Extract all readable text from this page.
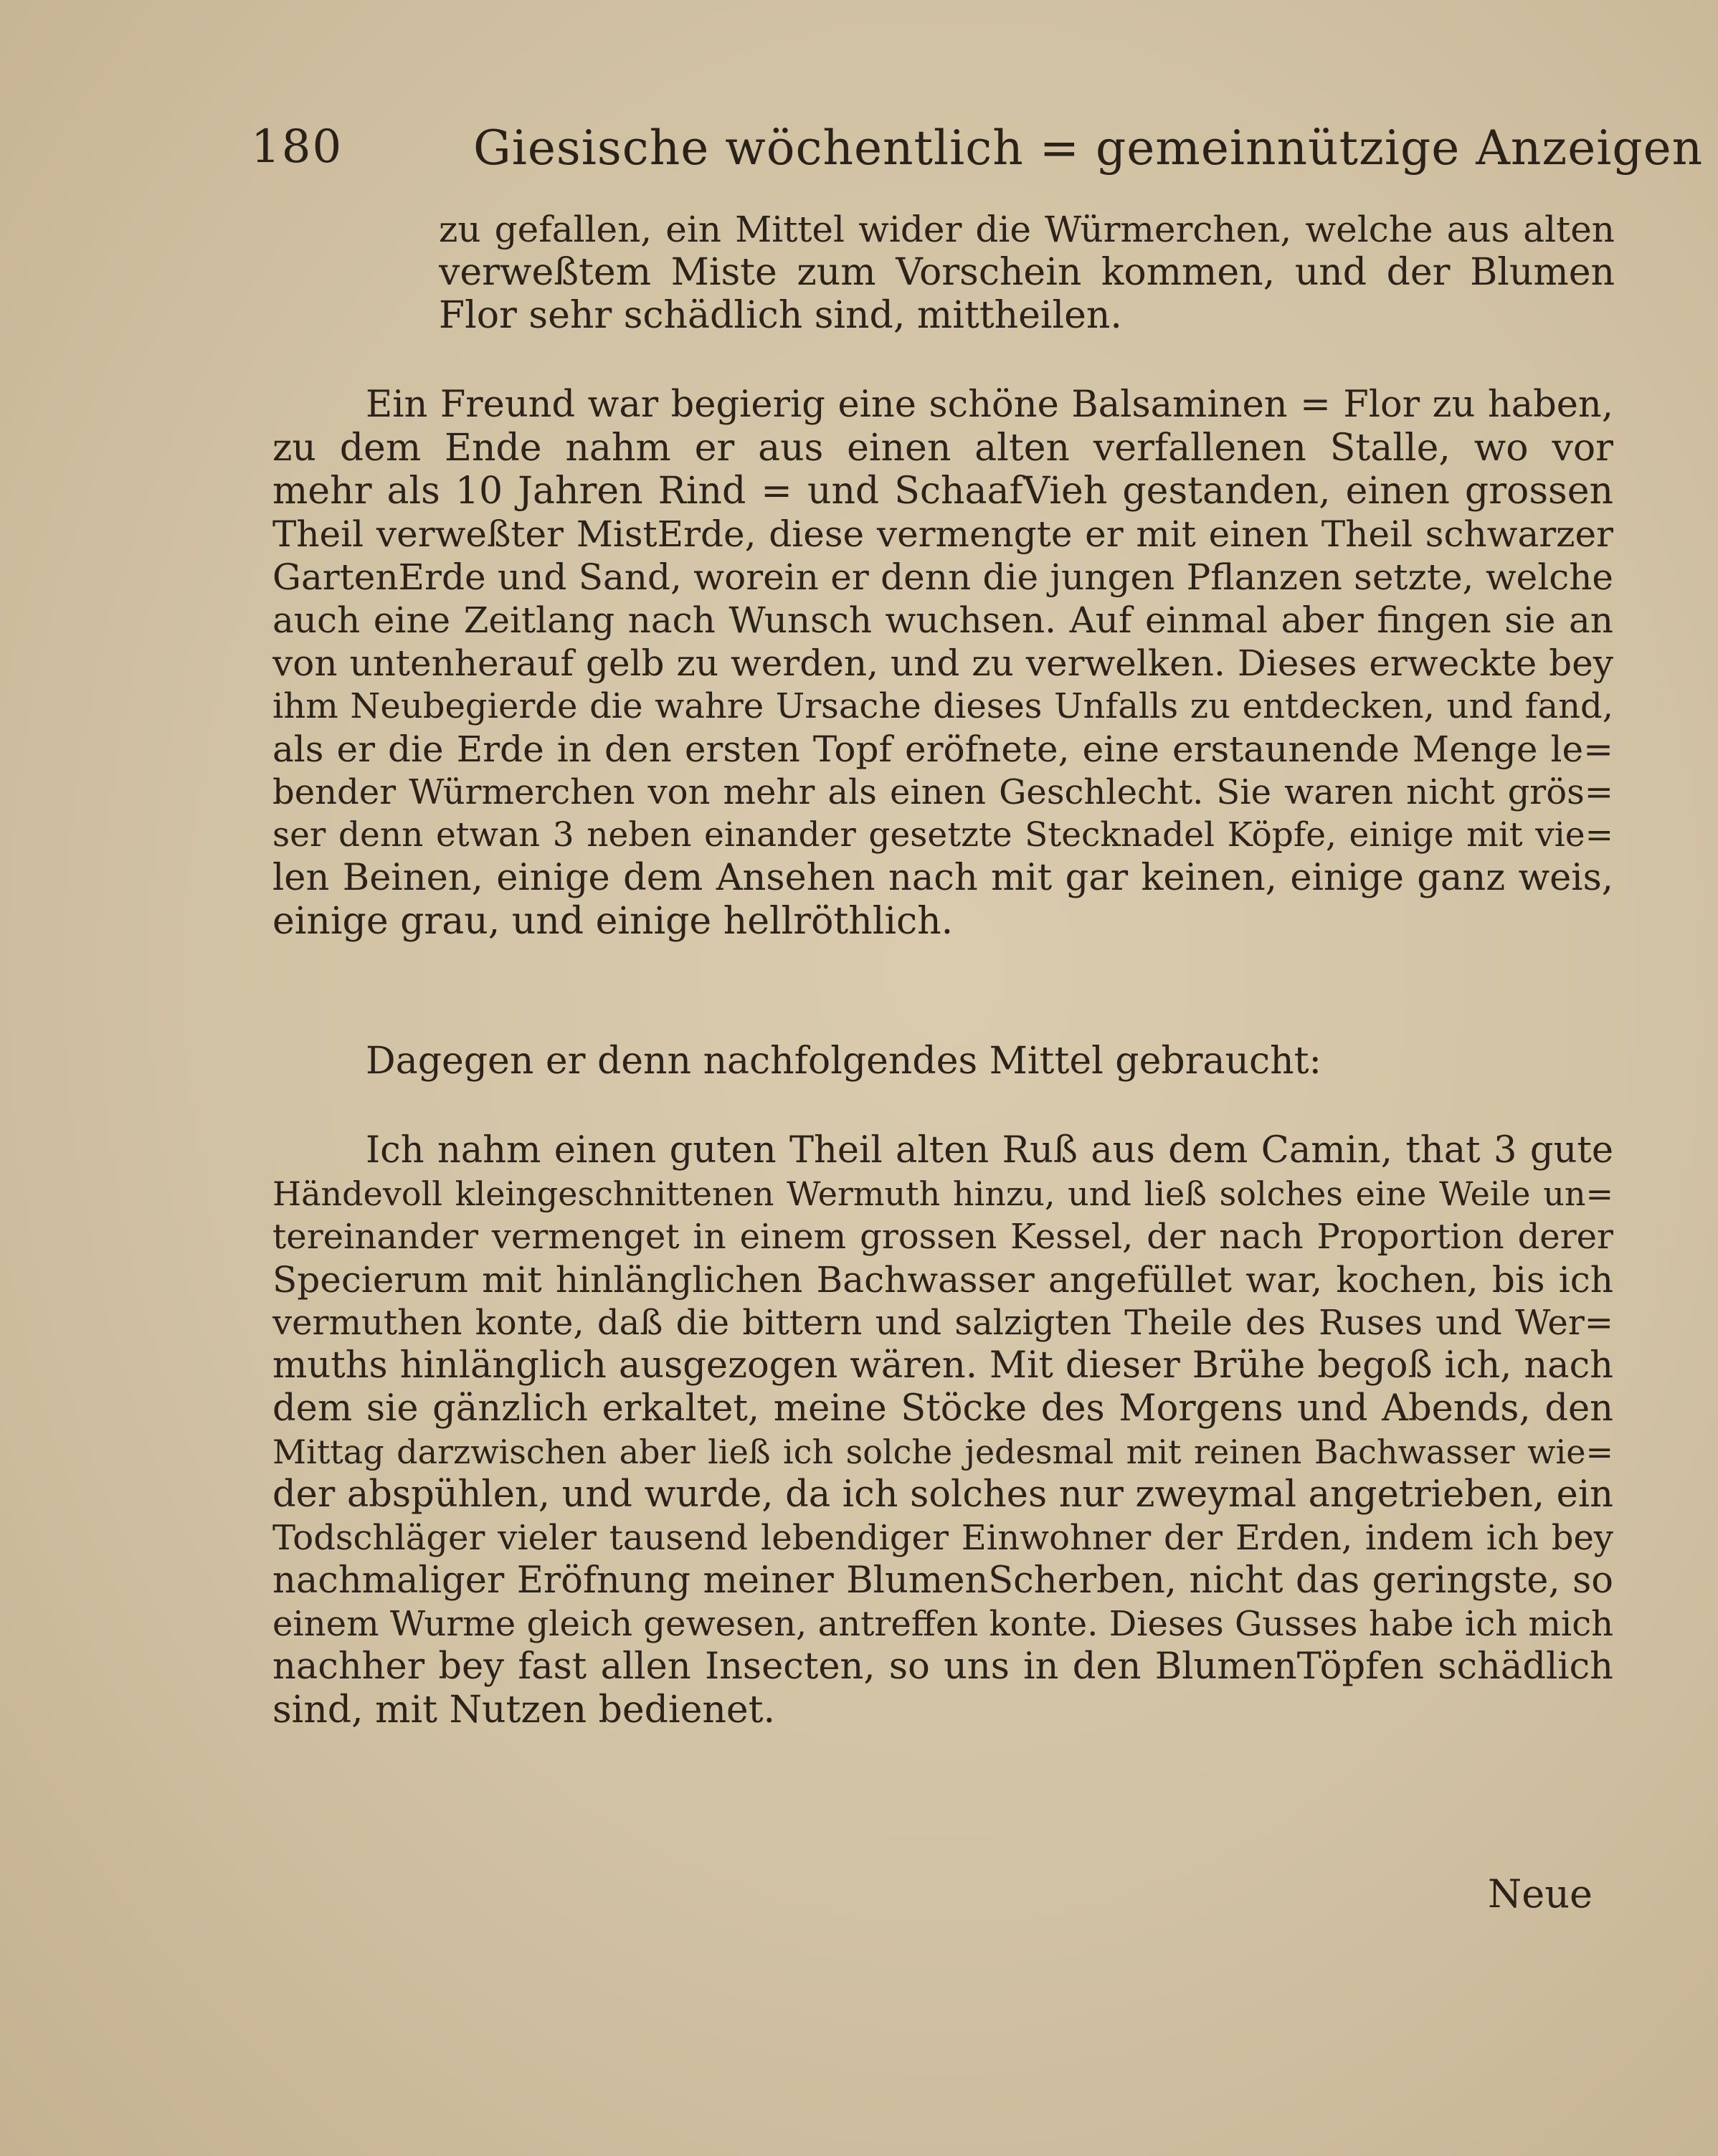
180	Giesische wöchentlich = gemeinnützige Anzeigen
zu gefallen, ein Mittel wider die Würmerchen, welche aus alten
verweßtem Miste zum Vorschein kommen, und der Blumen
Flor sehr schädlich sind, mittheilen.
Ein Freund war begierig eine schöne Balsaminen = Flor zu haben,
zu dem Ende nahm er aus einen alten verfallenen Stalle, wo vor
mehr als 10 Jahren Rind = und SchaafVieh gestanden, einen grossen
Theil verweßter MistErde, diese vermengte er mit einen Theil schwarzer
GartenErde und Sand, worein er denn die jungen Pflanzen setzte, welche
auch eine Zeitlang nach Wunsch wuchsen. Auf einmal aber fingen sie an
von untenherauf gelb zu werden, und zu verwelken. Dieses erweckte bey
ihm Neubegierde die wahre Ursache dieses Unfalls zu entdecken, und fand,
als er die Erde in den ersten Topf eröfnete, eine erstaunende Menge le=
bender Würmerchen von mehr als einen Geschlecht. Sie waren nicht grös=
ser denn etwan 3 neben einander gesetzte Stecknadel Köpfe, einige mit vie=
len Beinen, einige dem Ansehen nach mit gar keinen, einige ganz weis,
einige grau, und einige hellröthlich.
Dagegen er denn nachfolgendes Mittel gebraucht:
Ich nahm einen guten Theil alten Ruß aus dem Camin, that 3 gute
Händevoll kleingeschnittenen Wermuth hinzu, und ließ solches eine Weile un=
tereinander vermenget in einem grossen Kessel, der nach Proportion derer
Specierum mit hinlänglichen Bachwasser angefüllet war, kochen, bis ich
vermuthen konte, daß die bittern und salzigten Theile des Ruses und Wer=
muths hinlänglich ausgezogen wären. Mit dieser Brühe begoß ich, nach
dem sie gänzlich erkaltet, meine Stöcke des Morgens und Abends, den
Mittag darzwischen aber ließ ich solche jedesmal mit reinen Bachwasser wie=
der abspühlen, und wurde, da ich solches nur zweymal angetrieben, ein
Todschläger vieler tausend lebendiger Einwohner der Erden, indem ich bey
nachmaliger Eröfnung meiner BlumenScherben, nicht das geringste, so
einem Wurme gleich gewesen, antreffen konte. Dieses Gusses habe ich mich
nachher bey fast allen Insecten, so uns in den BlumenTöpfen schädlich
sind, mit Nutzen bedienet.
Neue
